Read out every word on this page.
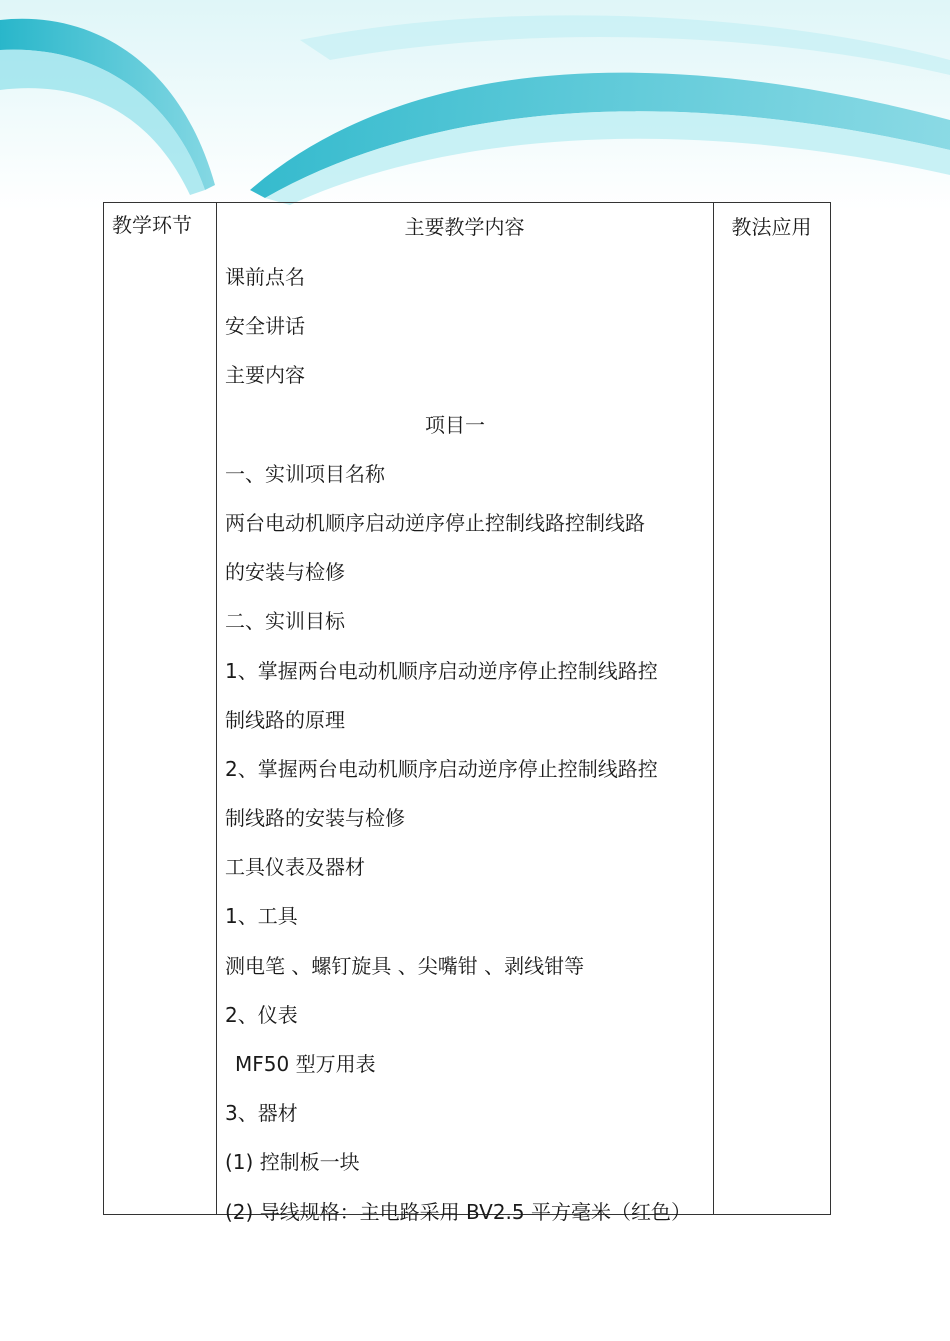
教学环节	主要教学内容	教法应用
课前点名
安全讲话
主要内容
项目一
一、实训项目名称
两台电动机顺序启动逆序停止控制线路控制线路
的安装与检修
二、实训目标
1、掌握两台电动机顺序启动逆序停止控制线路控
制线路的原理
2、掌握两台电动机顺序启动逆序停止控制线路控
制线路的安装与检修
工具仪表及器材
1、工具
测电笔 、螺钉旋具 、尖嘴钳 、剥线钳等
2、仪表
MF50 型万用表
3、器材
(1) 控制板一块
(2) 导线规格：主电路采用 BV2.5 平方毫米（红色）
